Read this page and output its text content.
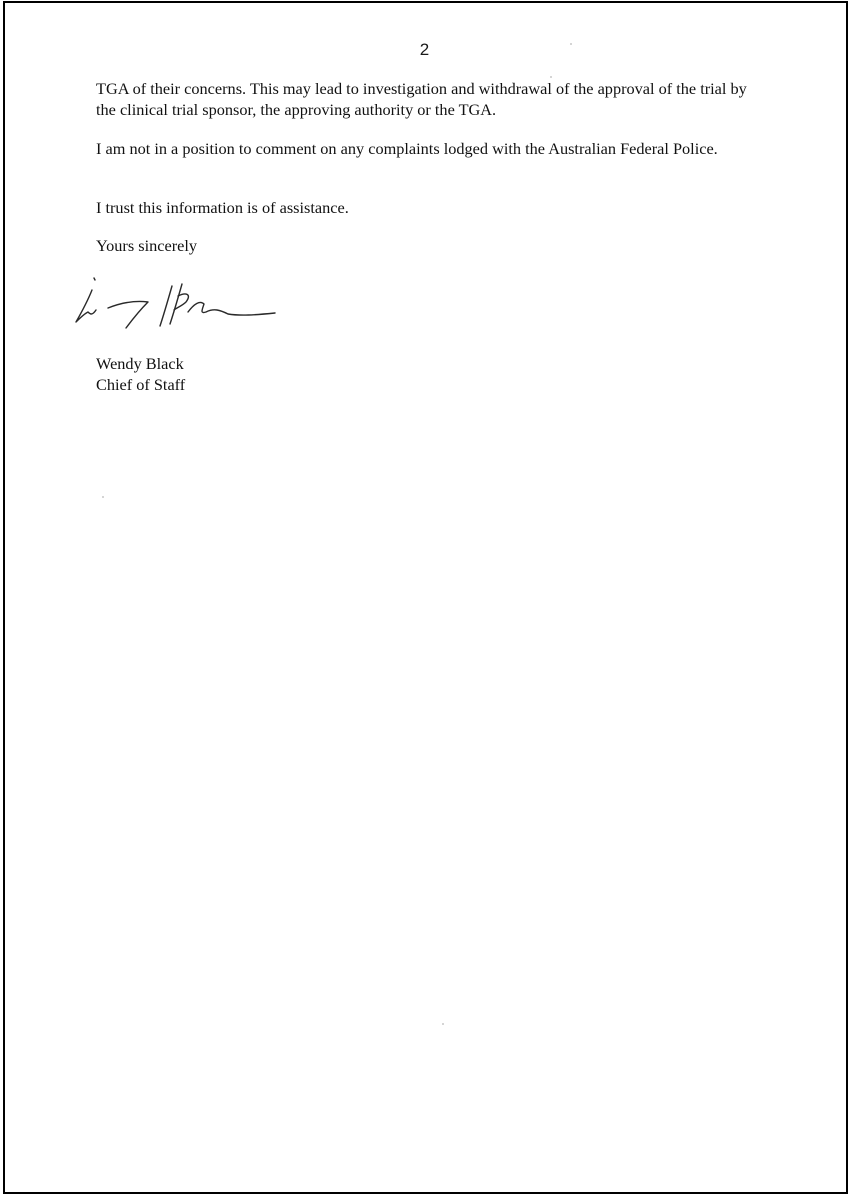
2

TGA of their concerns. This may lead to investigation and withdrawal of the approval of the trial by the clinical trial sponsor, the approving authority or the TGA.

I am not in a position to comment on any complaints lodged with the Australian Federal Police.

I trust this information is of assistance.

Yours sincerely

Wendy Black

Chief of Staff
